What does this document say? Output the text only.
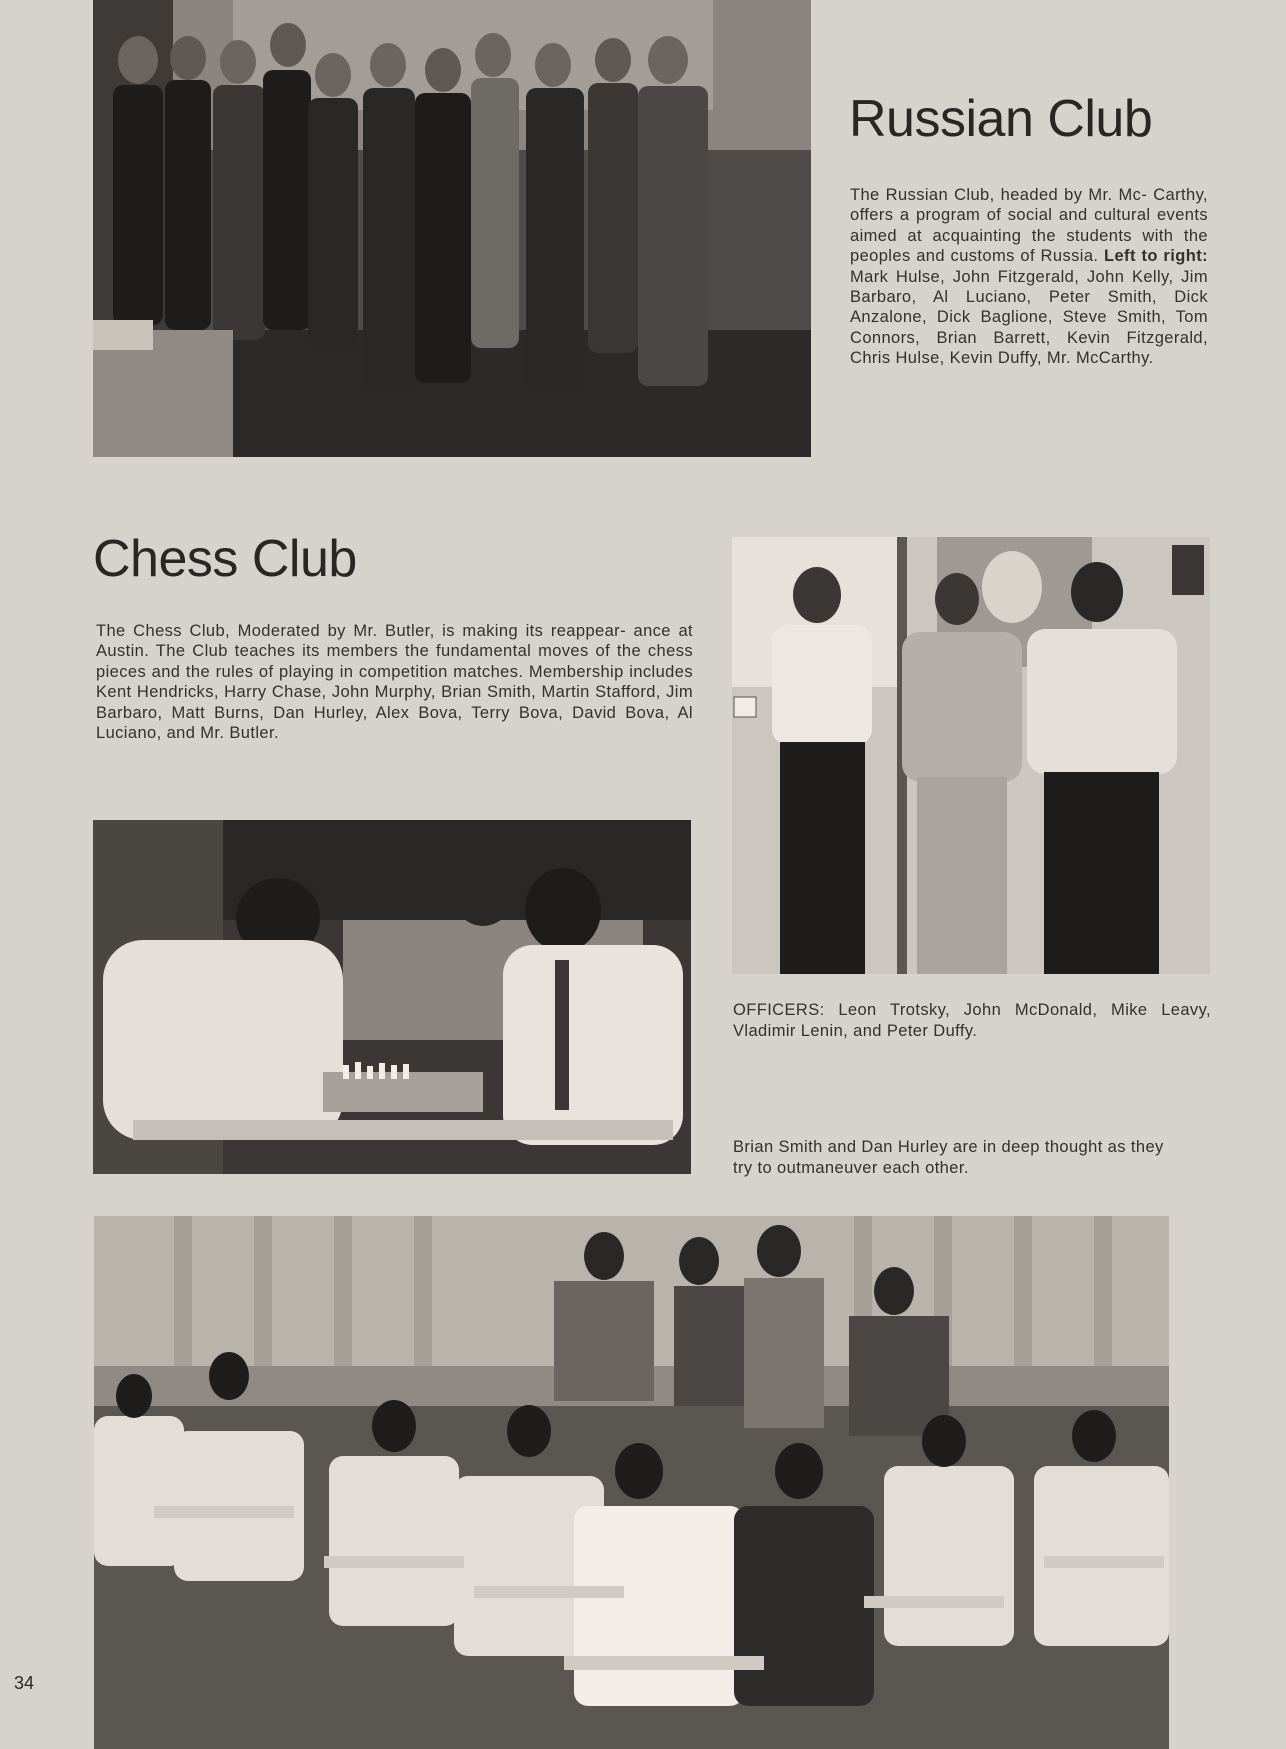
Russian Club

The Russian Club, headed by Mr. Mc- Carthy, offers a program of social and cultural events aimed at acquainting the students with the peoples and customs of Russia. Left to right: Mark Hulse, John Fitzgerald, John Kelly, Jim Barbaro, Al Luciano, Peter Smith, Dick Anzalone, Dick Baglione, Steve Smith, Tom Connors, Brian Barrett, Kevin Fitzgerald, Chris Hulse, Kevin Duffy, Mr. McCarthy.

Chess Club

The Chess Club, Moderated by Mr. Butler, is making its reappear- ance at Austin. The Club teaches its members the fundamental moves of the chess pieces and the rules of playing in competition matches. Membership includes Kent Hendricks, Harry Chase, John Murphy, Brian Smith, Martin Stafford, Jim Barbaro, Matt Burns, Dan Hurley, Alex Bova, Terry Bova, David Bova, Al Luciano, and Mr. Butler.

OFFICERS: Leon Trotsky, John McDonald, Mike Leavy, Vladimir Lenin, and Peter Duffy.

Brian Smith and Dan Hurley are in deep thought as they try to outmaneuver each other.

34
